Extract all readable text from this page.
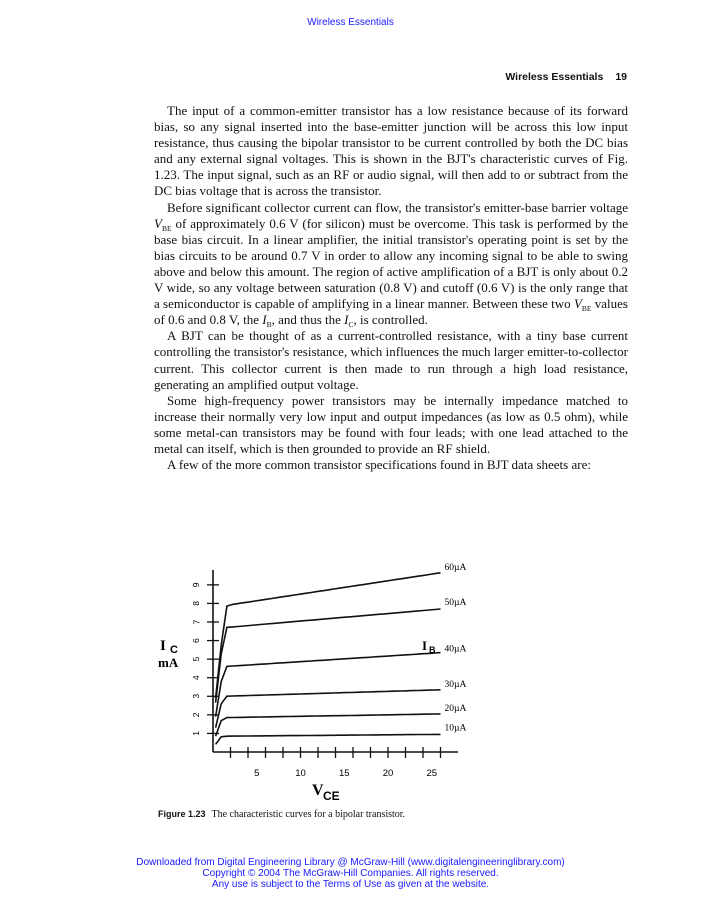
Wireless Essentials
Wireless Essentials 19

The input of a common-emitter transistor has a low resistance because of its forward bias, so any signal inserted into the base-emitter junction will be across this low input resistance, thus causing the bipolar transistor to be current controlled by both the DC bias and any external signal voltages. This is shown in the BJT's characteristic curves of Fig. 1.23. The input signal, such as an RF or audio signal, will then add to or subtract from the DC bias voltage that is across the transistor.

Before significant collector current can flow, the transistor's emitter-base barrier voltage $V_{BE}$ of approximately 0.6 V (for silicon) must be overcome. This task is performed by the base bias circuit. In a linear amplifier, the initial transistor's operating point is set by the bias circuits to be around 0.7 V in order to allow any incoming signal to be able to swing above and below this amount. The region of active amplification of a BJT is only about 0.2 V wide, so any voltage between saturation (0.8 V) and cutoff (0.6 V) is the only range that a semiconductor is capable of amplifying in a linear manner. Between these two $V_{BE}$ values of 0.6 and 0.8 V, the $I_B$, and thus the $I_C$, is controlled.

A BJT can be thought of as a current-controlled resistance, with a tiny base current controlling the transistor's resistance, which influences the much larger emitter-to-collector current. This collector current is then made to run through a high load resistance, generating an amplified output voltage.

Some high-frequency power transistors may be internally impedance matched to increase their normally very low input and output impedances (as low as 0.5 ohm), while some metal-can transistors may be found with four leads; with one lead attached to the metal can itself, which is then grounded to provide an RF shield.

A few of the more common transistor specifications found in BJT data sheets are:

1
2
3
4
5
6
7
8
9
5	10	15	20	25
10µA
20µA
30µA
40µA
50µA
60µA
I C
mA
I B
V CE
Figure 1.23 The characteristic curves for a bipolar transistor.
Downloaded from Digital Engineering Library @ McGraw-Hill (www.digitalengineeringlibrary.com)
Copyright © 2004 The McGraw-Hill Companies. All rights reserved.
Any use is subject to the Terms of Use as given at the website.
